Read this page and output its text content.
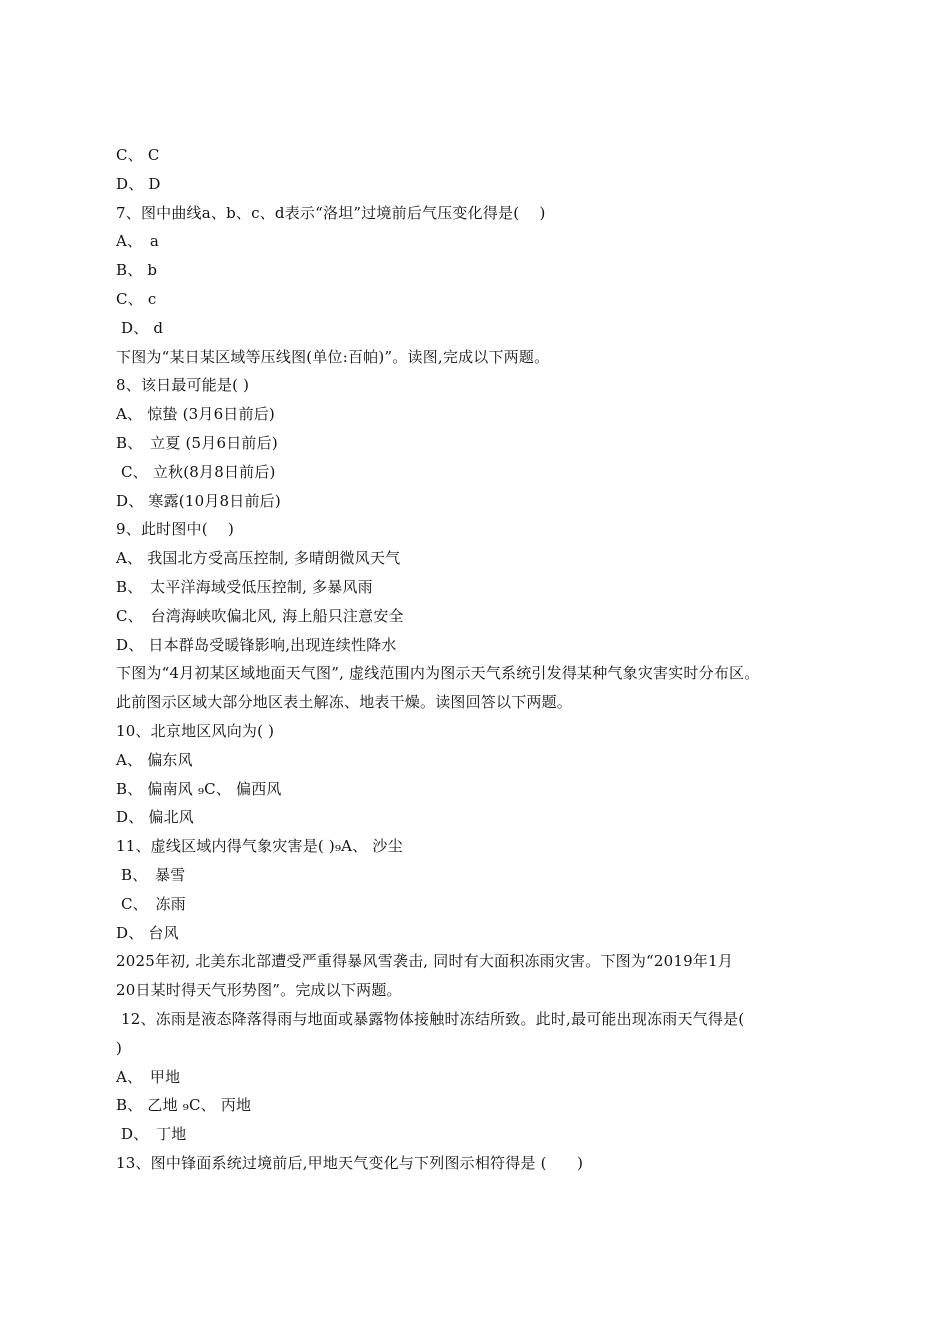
C、 C
D、 D
7、图中曲线a、b、c、d表示“洛坦”过境前后气压变化得是(　 )
A、　a
B、 b
C、 c
D、 d
下图为“某日某区域等压线图(单位:百帕)”。读图,完成以下两题。
8、该日最可能是( )
A、 惊蛰 (3月6日前后)
B、　立夏 (5月6日前后)
C、 立秋(8月8日前后)
D、 寒露(10月8日前后)
9、此时图中(　 )
A、 我国北方受高压控制, 多晴朗微风天气
B、　太平洋海域受低压控制, 多暴风雨
C、　台湾海峡吹偏北风, 海上船只注意安全
D、 日本群岛受暖锋影响,出现连续性降水
下图为“4月初某区域地面天气图”, 虚线范围内为图示天气系统引发得某种气象灾害实时分布区。
此前图示区域大部分地区表土解冻、地表干燥。读图回答以下两题。
10、北京地区风向为( )
A、 偏东风
B、 偏南风 ₉C、 偏西风
D、 偏北风
11、虚线区域内得气象灾害是( )₉A、 沙尘
B、　暴雪
C、　冻雨
D、 台风
2025年初, 北美东北部遭受严重得暴风雪袭击, 同时有大面积冻雨灾害。下图为“2019年1月
20日某时得天气形势图”。完成以下两题。
12、冻雨是液态降落得雨与地面或暴露物体接触时冻结所致。此时,最可能出现冻雨天气得是(
)
A、　甲地
B、 乙地 ₉C、 丙地
D、　丁地
13、图中锋面系统过境前后,甲地天气变化与下列图示相符得是 (　　)
